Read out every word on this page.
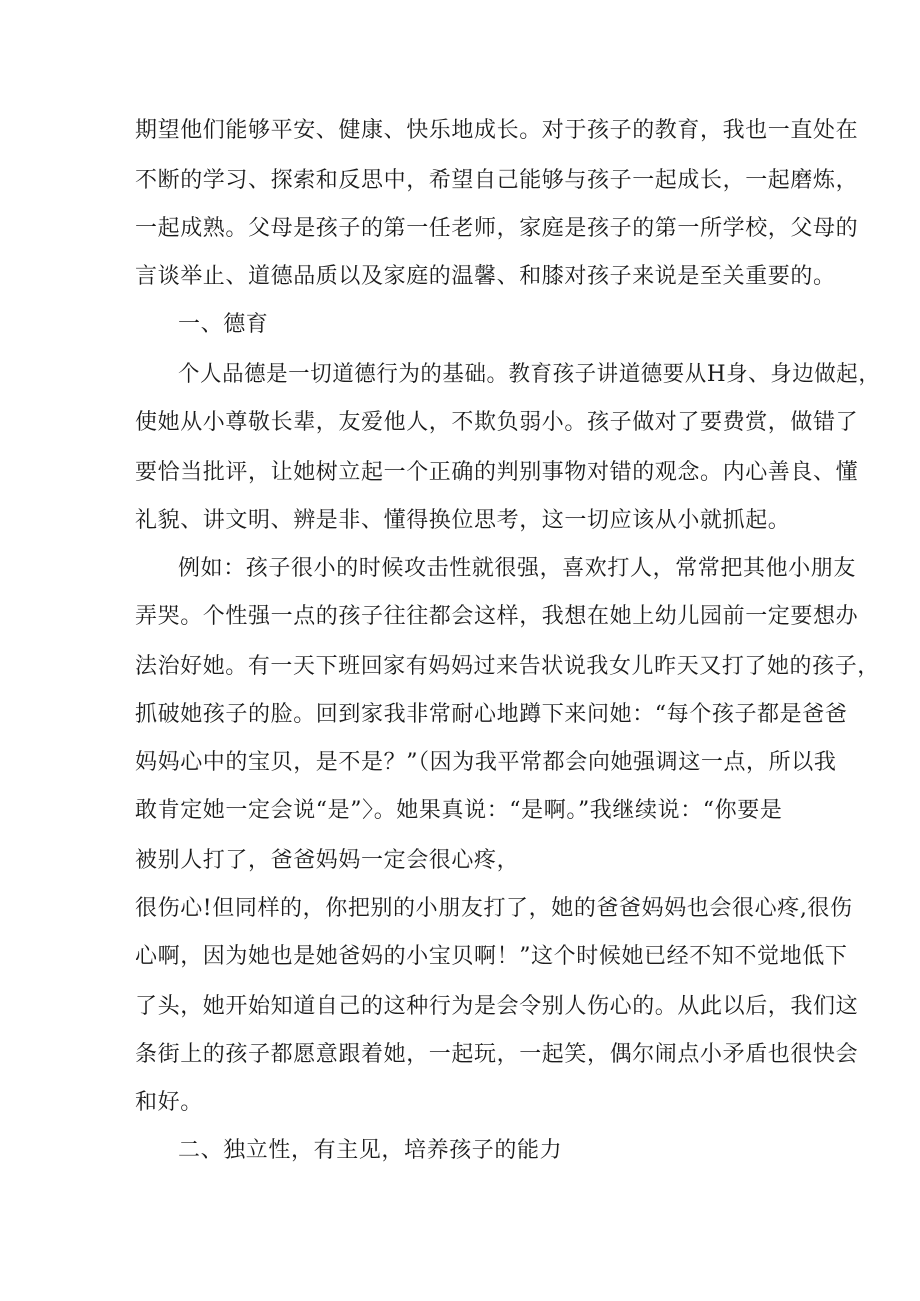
期望他们能够平安、健康、快乐地成长。对于孩子的教育，我也一直处在
不断的学习、探索和反思中，希望自己能够与孩子一起成长，一起磨炼，
一起成熟。父母是孩子的第一任老师，家庭是孩子的第一所学校，父母的
言谈举止、道德品质以及家庭的温馨、和膝对孩子来说是至关重要的。
一、德育
个人品德是一切道德行为的基础。教育孩子讲道德要从H身、身边做起，
使她从小尊敬长辈，友爱他人，不欺负弱小。孩子做对了要费赏，做错了
要恰当批评，让她树立起一个正确的判别事物对错的观念。内心善良、懂
礼貌、讲文明、辨是非、懂得换位思考，这一切应该从小就抓起。
例如：孩子很小的时候攻击性就很强，喜欢打人，常常把其他小朋友
弄哭。个性强一点的孩子往往都会这样，我想在她上幼儿园前一定要想办
法治好她。有一天下班回家有妈妈过来告状说我女儿昨天又打了她的孩子，
抓破她孩子的脸。回到家我非常耐心地蹲下来问她：“每个孩子都是爸爸
妈妈心中的宝贝，是不是？”（因为我平常都会向她强调这一点，所以我
敢肯定她一定会说“是”〉。她果真说：“是啊。”我继续说：“你要是
被别人打了，爸爸妈妈一定会很心疼，
很伤心!但同样的，你把别的小朋友打了，她的爸爸妈妈也会很心疼,很伤
心啊，因为她也是她爸妈的小宝贝啊！”这个时候她已经不知不觉地低下
了头，她开始知道自己的这种行为是会令别人伤心的。从此以后，我们这
条街上的孩子都愿意跟着她，一起玩，一起笑，偶尔闹点小矛盾也很快会
和好。
二、独立性，有主见，培养孩子的能力
